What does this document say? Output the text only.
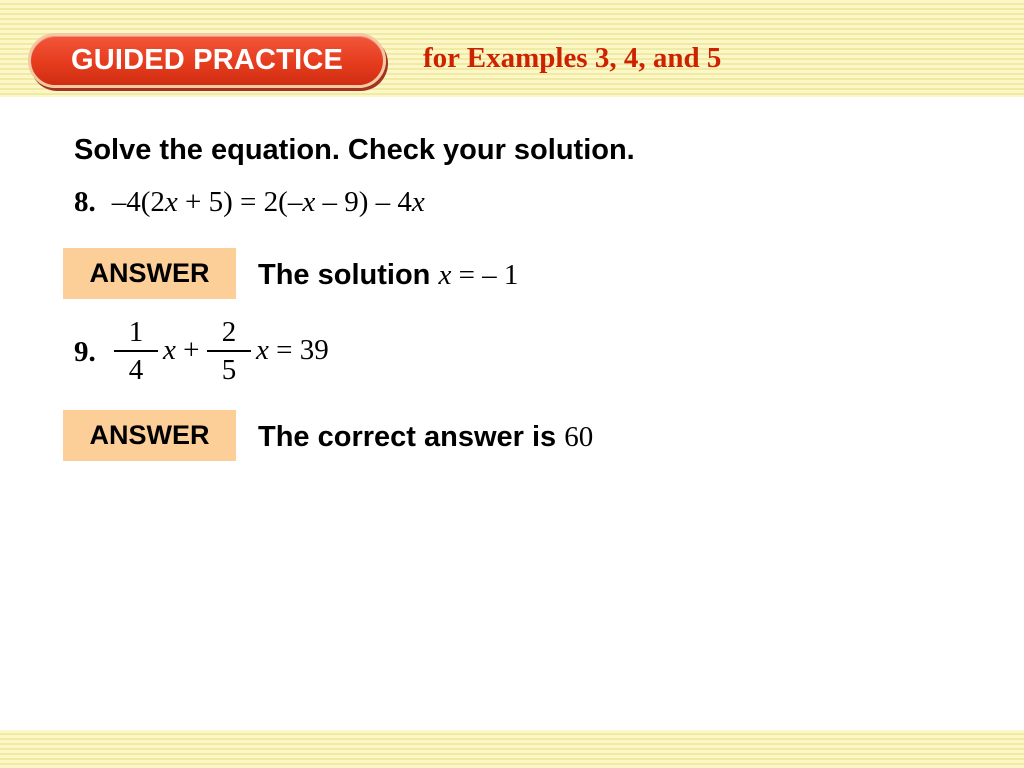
GUIDED PRACTICE	for Examples 3, 4, and 5
Solve the equation. Check your solution.
8. –4(2x + 5) = 2(–x – 9) – 4x
ANSWER The solution x = – 1
9.
1
4
x +
2
5
x = 39
ANSWER The correct answer is 60
